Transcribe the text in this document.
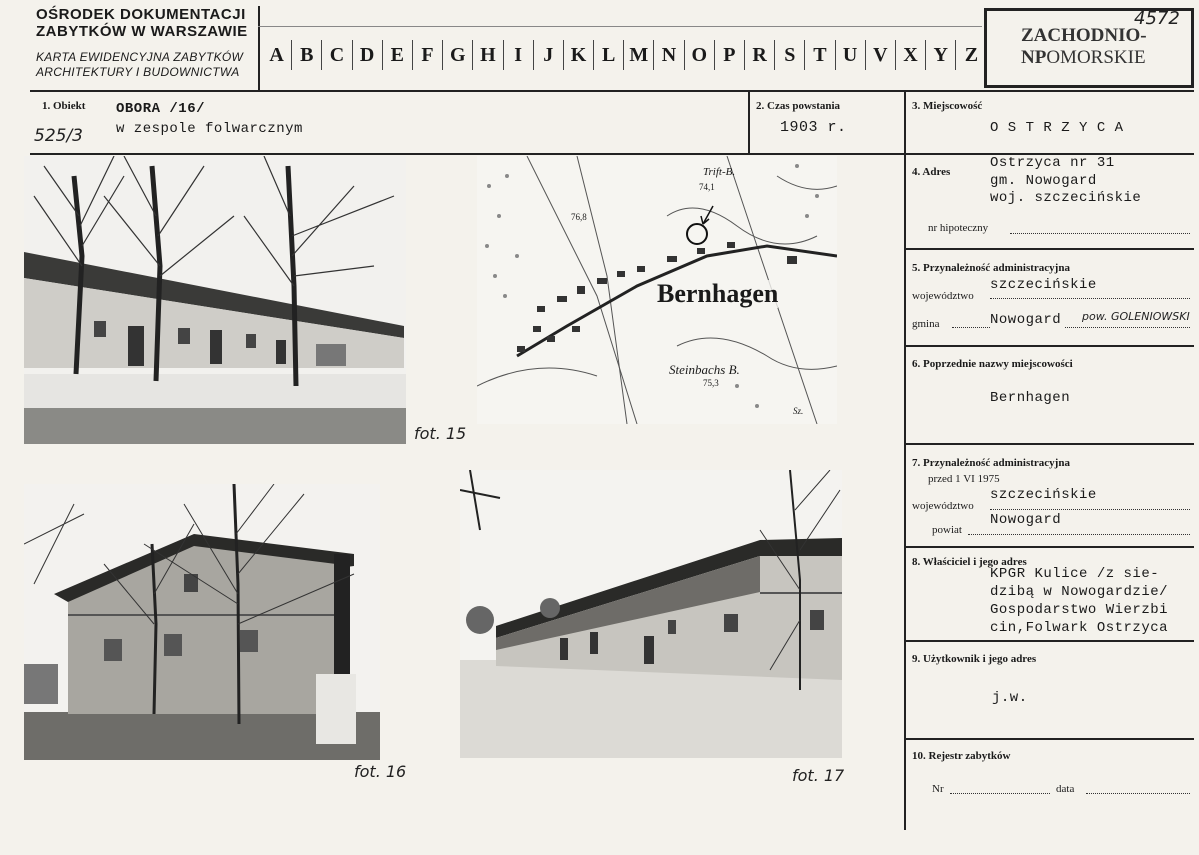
OŚRODEK DOKUMENTACJI
ZABYTKÓW W WARSZAWIE
KARTA EWIDENCYJNA ZABYTKÓW
ARCHITEKTURY I BUDOWNICTWA
A B C D E F G H I	J K L M N O P R S T U V X Y Z
ZACHODNIO-
NPOMORSKIE
4572
1. Obiekt OBORA /16/
w zespole folwarcznym
525/3
2. Czas powstania
1903 r.
3. Miejscowość
O S T R Z Y C A
4. Adres
Ostrzyca nr 31
gm. Nowogard
woj. szczecińskie
nr hipoteczny
5. Przynależność administracyjna
szczecińskie
województwo
gmina	Nowogard	pow. GOLENIOWSKI
6. Poprzednie nazwy miejscowości
Bernhagen
7. Przynależność administracyjna
przed 1 VI 1975
szczecińskie
województwo
Nowogard
powiat
8. Właściciel i jego adres
KPGR Kulice /z sie-
dzibą w Nowogardzie/
Gospodarstwo Wierzbi
cin,Folwark Ostrzyca
9. Użytkownik i jego adres
j.w.
10. Rejestr zabytków
Nr	data
fot. 15
Bernhagen
Trift-B.
74,1
76,8
Steinbachs B.
75,3
Sz.
fot. 16	fot. 17
